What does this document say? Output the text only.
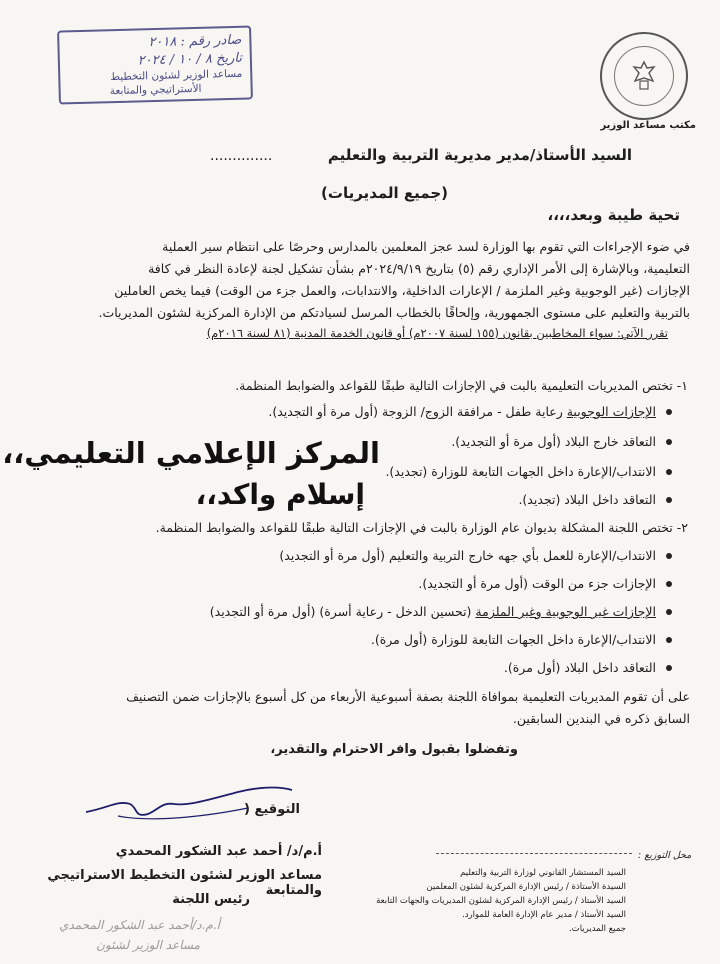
مكتب مساعد الوزير
صادر رقم : ٢٠١٨
تاريخ ٨ / ١٠ / ٢٠٢٤
مساعد الوزير لشئون التخطيط
الأستراتيجي والمتابعة
السيد الأستاذ/مدير مديرية التربية والتعليم
..............
(جميع المديريات)
تحية طيبة وبعد،،،،
في ضوء الإجراءات التي تقوم بها الوزارة لسد عجز المعلمين بالمدارس وحرصًا على انتظام سير العملية
التعليمية، وبالإشارة إلى الأمر الإداري رقم (٥) بتاريخ ٢٠٢٤/٩/١٩م بشأن تشكيل لجنة لإعادة النظر في كافة
الإجازات (غير الوجوبية وغير الملزمة / الإعارات الداخلية، والانتدابات، والعمل جزء من الوقت) فيما يخص العاملين
بالتربية والتعليم على مستوى الجمهورية، وإلحاقًا بالخطاب المرسل لسيادتكم من الإدارة المركزية لشئون المديريات.
تقرر الآتي: سواء المخاطبين بقانون (١٥٥ لسنة ٢٠٠٧م) أو قانون الخدمة المدنية (٨١ لسنة ٢٠١٦م)
١- تختص المديريات التعليمية بالبت في الإجازات التالية طبقًا للقواعد والضوابط المنظمة.
الإجازات الوجوبية رعاية طفل - مرافقة الزوج/ الزوجة (أول مرة أو التجديد).
التعاقد خارج البلاد (أول مرة أو التجديد).
الانتداب/الإعارة داخل الجهات التابعة للوزارة (تجديد).
التعاقد داخل البلاد (تجديد).
المركز الإعلامي التعليمي،،
إسلام واكد،،
٢- تختص اللجنة المشكلة بديوان عام الوزارة بالبت في الإجازات التالية طبقًا للقواعد والضوابط المنظمة.
الانتداب/الإعارة للعمل بأي جهه خارج التربية والتعليم (أول مرة أو التجديد)
الإجازات جزء من الوقت (أول مرة أو التجديد).
الإجازات غير الوجوبية وغير الملزمة (تحسين الدخل - رعاية أسرة) (أول مرة أو التجديد)
الانتداب/الإعارة داخل الجهات التابعة للوزارة (أول مرة).
التعاقد داخل البلاد (أول مرة).
على أن تقوم المديريات التعليمية بموافاة اللجنة بصفة أسبوعية الأربعاء من كل أسبوع بالإجازات ضمن التصنيف
السابق ذكره في البندين السابقين.
وتفضلوا بقبول وافر الاحترام والتقدير،
التوقيع (
أ.م/د/ أحمد عبد الشكور المحمدي
مساعد الوزير لشئون التخطيط الاستراتيجي والمتابعة
رئيس اللجنة
أ.م.د/أحمد عبد الشكور المحمدي
مساعد الوزير لشئون
محل التوزيع :
السيد المستشار القانوني لوزارة التربية والتعليم
السيدة الأستاذة / رئيس الإدارة المركزية لشئون المعلمين
السيد الأستاذ / رئيس الإدارة المركزية لشئون المديريات والجهات التابعة
السيد الأستاذ / مدير عام الإدارة العامة للموارد.
جميع المديريات.
